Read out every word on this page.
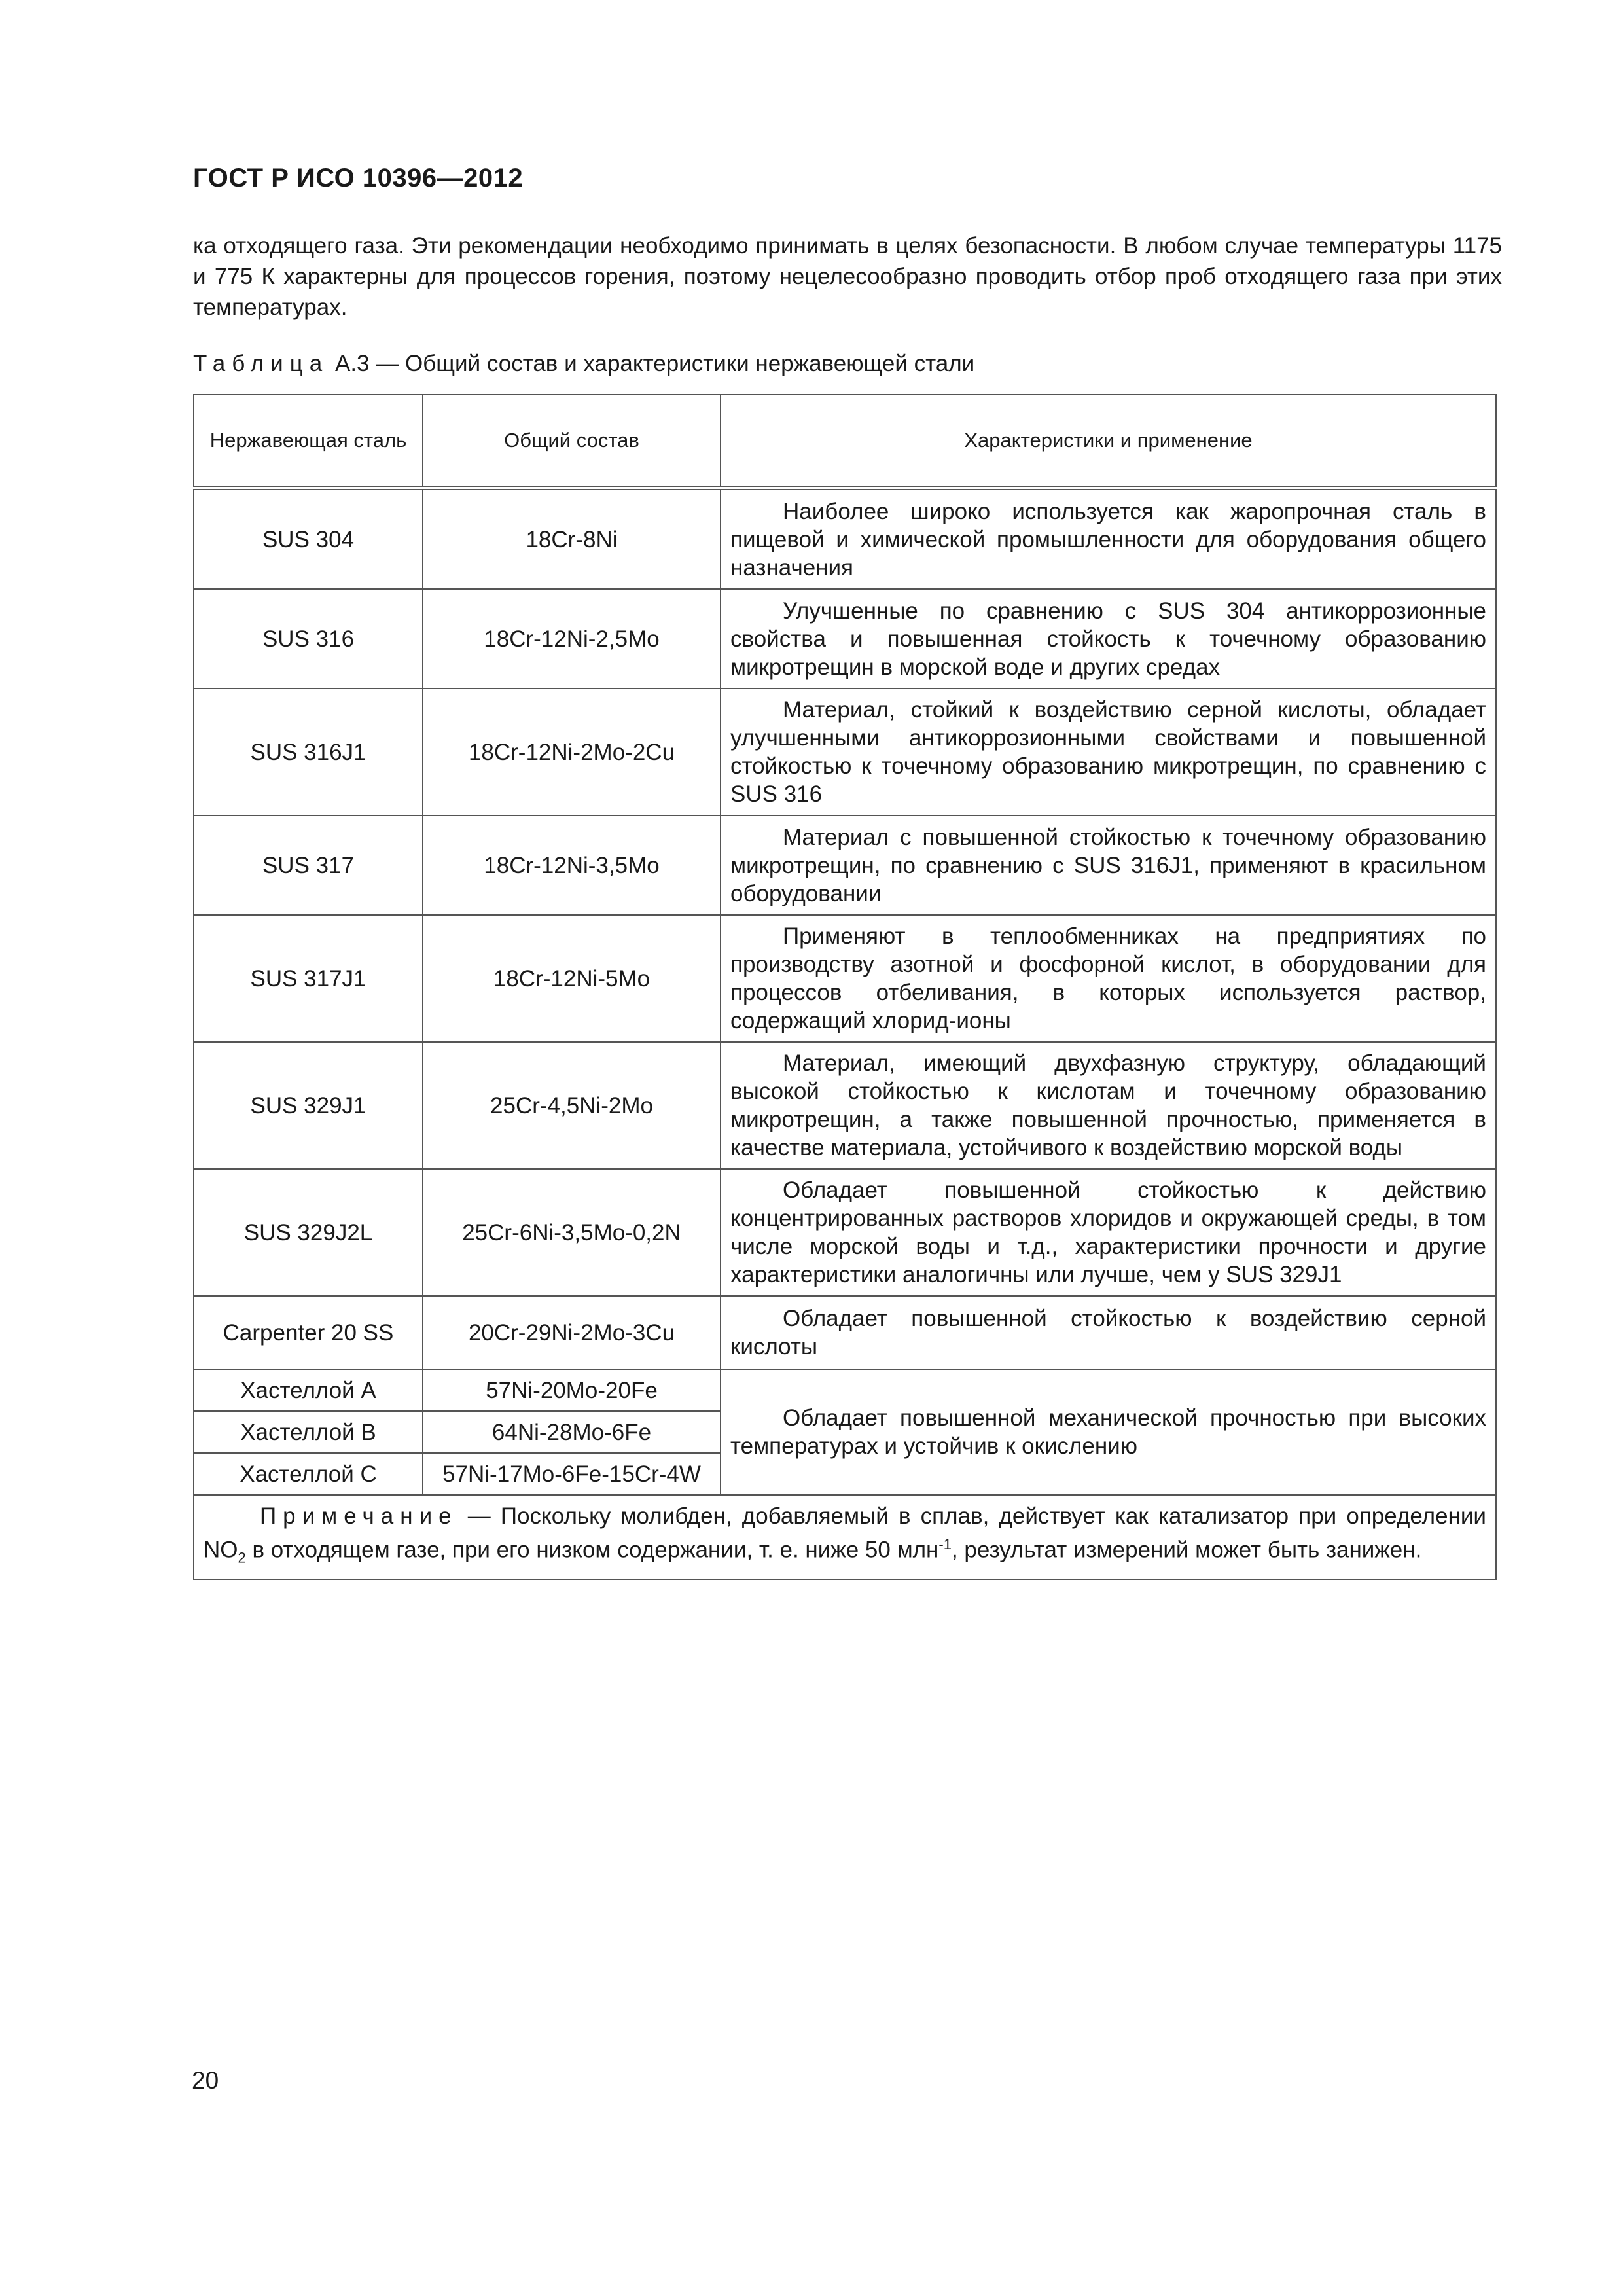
ГОСТ Р ИСО 10396—2012
ка отходящего газа. Эти рекомендации необходимо принимать в целях безопасности. В любом случае температуры 1175 и 775 К характерны для процессов горения, поэтому нецелесообразно проводить отбор проб отходящего газа при этих температурах.
Таблица А.3 — Общий состав и характеристики нержавеющей стали
Нержавеющая сталь	Общий состав	Характеристики и применение
SUS 304	18Cr-8Ni	Наиболее широко используется как жаропрочная сталь в пищевой и химической промышленности для оборудования общего назначения
SUS 316	18Cr-12Ni-2,5Mo	Улучшенные по сравнению с SUS 304 антикоррозионные свойства и повышенная стойкость к точечному образованию микротрещин в морской воде и других средах
SUS 316J1	18Cr-12Ni-2Mo-2Cu	Материал, стойкий к воздействию серной кислоты, обладает улучшенными антикоррозионными свойствами и повышенной стойкостью к точечному образованию микротрещин, по сравнению с SUS 316
SUS 317	18Cr-12Ni-3,5Mo	Материал с повышенной стойкостью к точечному образованию микротрещин, по сравнению с SUS 316J1, применяют в красильном оборудовании
SUS 317J1	18Cr-12Ni-5Mo	Применяют в теплообменниках на предприятиях по производству азотной и фосфорной кислот, в оборудовании для процессов отбеливания, в которых используется раствор, содержащий хлорид-ионы
SUS 329J1	25Cr-4,5Ni-2Mo	Материал, имеющий двухфазную структуру, обладающий высокой стойкостью к кислотам и точечному образованию микротрещин, а также повышенной прочностью, применяется в качестве материала, устойчивого к воздействию морской воды
SUS 329J2L	25Cr-6Ni-3,5Mo-0,2N	Обладает повышенной стойкостью к действию концентрированных растворов хлоридов и окружающей среды, в том числе морской воды и т.д., характеристики прочности и другие характеристики аналогичны или лучше, чем у SUS 329J1
Carpenter 20 SS	20Cr-29Ni-2Mo-3Cu	Обладает повышенной стойкостью к воздействию серной кислоты
Хастеллой А	57Ni-20Mo-20Fe	Обладает повышенной механической прочностью при высоких температурах и устойчив к окислению
Хастеллой В	64Ni-28Mo-6Fe	
Хастеллой С	57Ni-17Mo-6Fe-15Cr-4W	
Примечание — Поскольку молибден, добавляемый в сплав, действует как катализатор при определении $NO_2$ в отходящем газе, при его низком содержании, т. е. ниже 50 млн$^{-1}$, результат измерений может быть занижен.		
20
